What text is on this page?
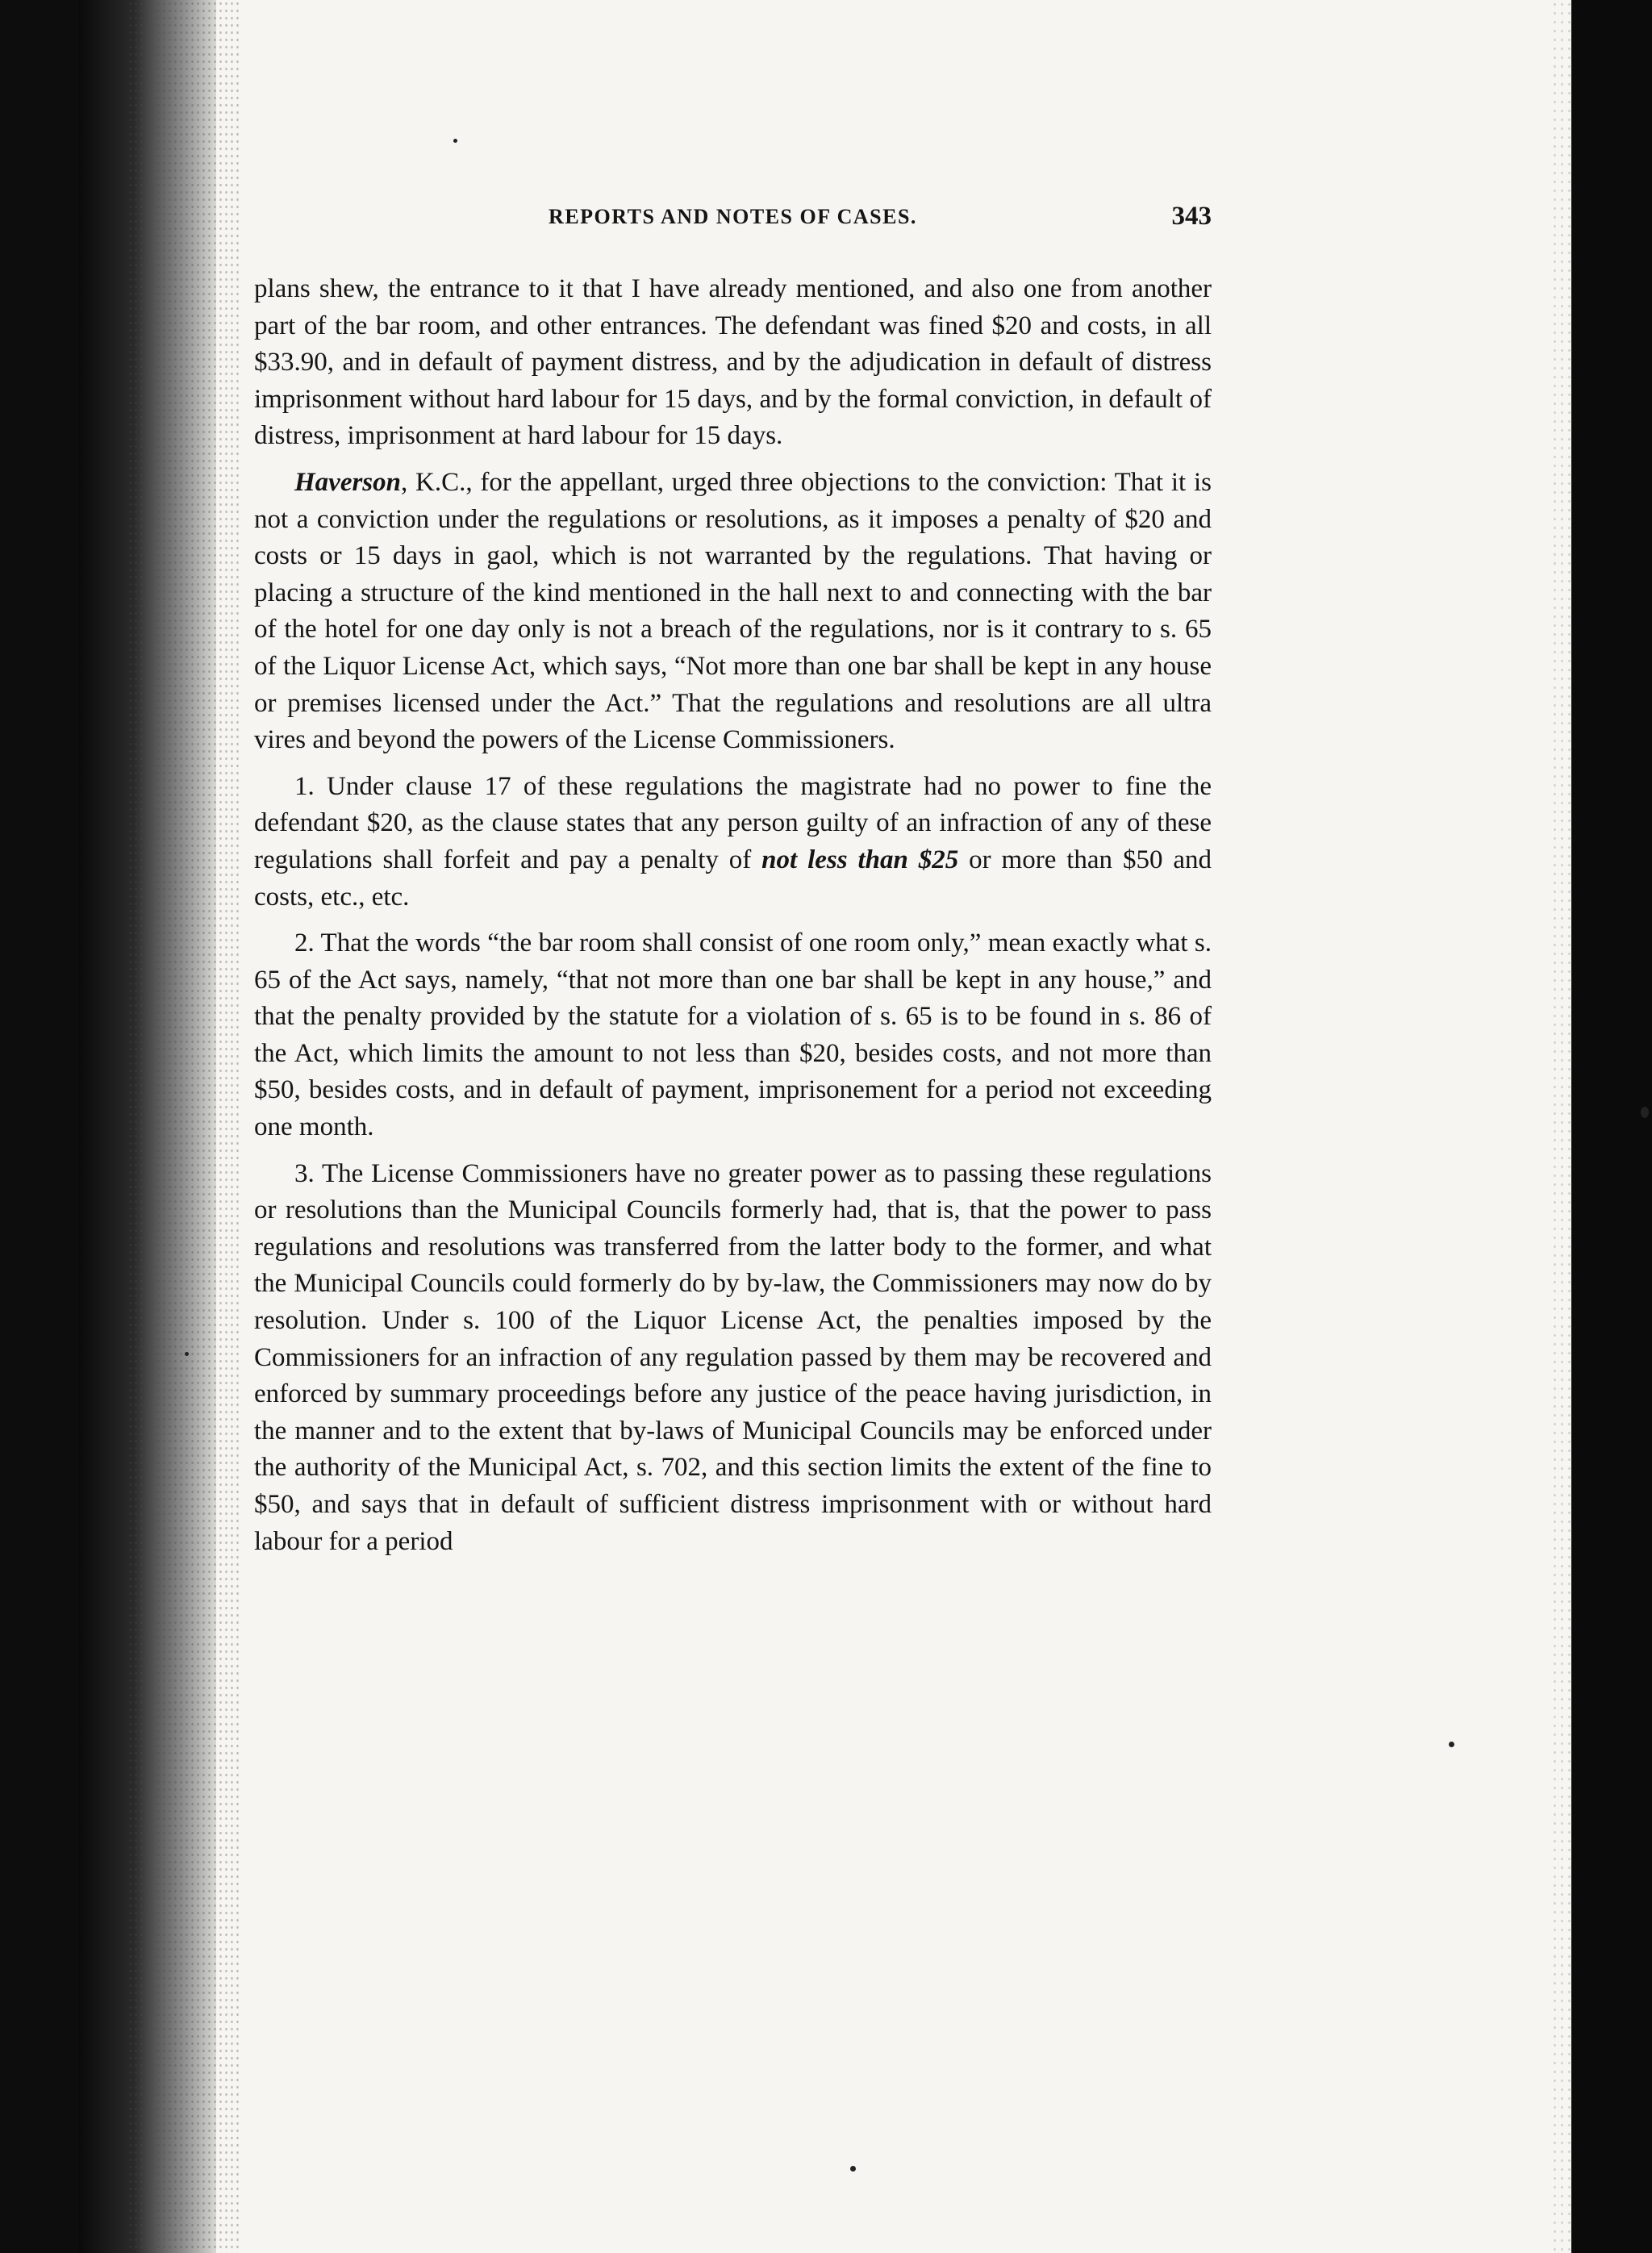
REPORTS AND NOTES OF CASES.	343

plans shew, the entrance to it that I have already mentioned, and also one from another part of the bar room, and other entrances. The defendant was fined $20 and costs, in all $33.90, and in default of payment distress, and by the adjudication in default of distress imprisonment without hard labour for 15 days, and by the formal conviction, in default of distress, imprisonment at hard labour for 15 days.

Haverson, K.C., for the appellant, urged three objections to the conviction: That it is not a conviction under the regulations or resolutions, as it imposes a penalty of $20 and costs or 15 days in gaol, which is not warranted by the regulations. That having or placing a structure of the kind mentioned in the hall next to and connecting with the bar of the hotel for one day only is not a breach of the regulations, nor is it contrary to s. 65 of the Liquor License Act, which says, “Not more than one bar shall be kept in any house or premises licensed under the Act.” That the regulations and resolutions are all ultra vires and beyond the powers of the License Commissioners.

1. Under clause 17 of these regulations the magistrate had no power to fine the defendant $20, as the clause states that any person guilty of an infraction of any of these regulations shall forfeit and pay a penalty of not less than $25 or more than $50 and costs, etc., etc.

2. That the words “the bar room shall consist of one room only,” mean exactly what s. 65 of the Act says, namely, “that not more than one bar shall be kept in any house,” and that the penalty provided by the statute for a violation of s. 65 is to be found in s. 86 of the Act, which limits the amount to not less than $20, besides costs, and not more than $50, besides costs, and in default of payment, imprisonement for a period not exceeding one month.

3. The License Commissioners have no greater power as to passing these regulations or resolutions than the Municipal Councils formerly had, that is, that the power to pass regulations and resolutions was transferred from the latter body to the former, and what the Municipal Councils could formerly do by by-law, the Commissioners may now do by resolution. Under s. 100 of the Liquor License Act, the penalties imposed by the Commissioners for an infraction of any regulation passed by them may be recovered and enforced by summary proceedings before any justice of the peace having jurisdiction, in the manner and to the extent that by-laws of Municipal Councils may be enforced under the authority of the Municipal Act, s. 702, and this section limits the extent of the fine to $50, and says that in default of sufficient distress imprisonment with or without hard labour for a period
